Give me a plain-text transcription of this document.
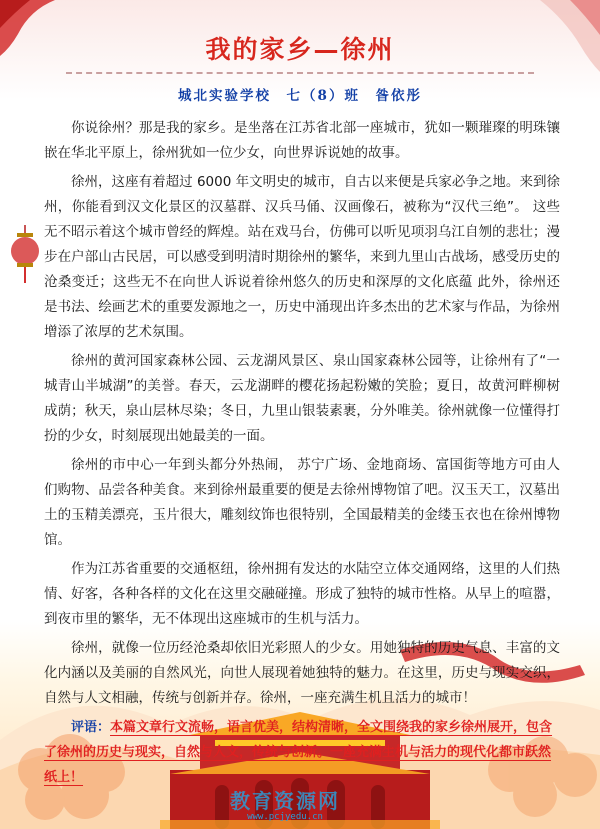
我的家乡—徐州
城北实验学校　七（8）班　昝依彤

你说徐州？那是我的家乡。是坐落在江苏省北部一座城市，犹如一颗璀璨的明珠镶嵌在华北平原上，徐州犹如一位少女，向世界诉说她的故事。

徐州，这座有着超过 6000 年文明史的城市，自古以来便是兵家必争之地。来到徐州，你能看到汉文化景区的汉墓群、汉兵马俑、汉画像石，被称为“汉代三绝”。 这些无不昭示着这个城市曾经的辉煌。站在戏马台，仿佛可以听见项羽乌江自刎的悲壮；漫步在户部山古民居，可以感受到明清时期徐州的繁华，来到九里山古战场，感受历史的沧桑变迁；这些无不在向世人诉说着徐州悠久的历史和深厚的文化底蕴 此外，徐州还是书法、绘画艺术的重要发源地之一，历史中涌现出许多杰出的艺术家与作品，为徐州增添了浓厚的艺术氛围。

徐州的黄河国家森林公园、云龙湖风景区、泉山国家森林公园等，让徐州有了“一城青山半城湖”的美誉。春天，云龙湖畔的樱花扬起粉嫩的笑脸；夏日，故黄河畔柳树成荫；秋天，泉山层林尽染；冬日，九里山银装素裹，分外唯美。徐州就像一位懂得打扮的少女，时刻展现出她最美的一面。

徐州的市中心一年到头都分外热闹， 苏宁广场、金地商场、富国街等地方可由人们购物、品尝各种美食。来到徐州最重要的便是去徐州博物馆了吧。汉玉天工，汉墓出土的玉精美漂亮，玉片很大，雕刻纹饰也很特别，全国最精美的金缕玉衣也在徐州博物馆。

作为江苏省重要的交通枢纽，徐州拥有发达的水陆空立体交通网络，这里的人们热情、好客，各种各样的文化在这里交融碰撞。形成了独特的城市性格。从早上的喧嚣，到夜市里的繁华，无不体现出这座城市的生机与活力。

徐州，就像一位历经沧桑却依旧光彩照人的少女。用她独特的历史气息、丰富的文化内涵以及美丽的自然风光，向世人展现着她独特的魅力。在这里，历史与现实交织，自然与人文相融，传统与创新并存。徐州，一座充满生机且活力的城市！

评语：本篇文章行文流畅，语言优美，结构清晰，全文围绕我的家乡徐州展开，包含了徐州的历史与现实，自然与人文，传统与创新。一座充满生机与活力的现代化都市跃然纸上！
教育资源网
www.pcjyedu.cn
